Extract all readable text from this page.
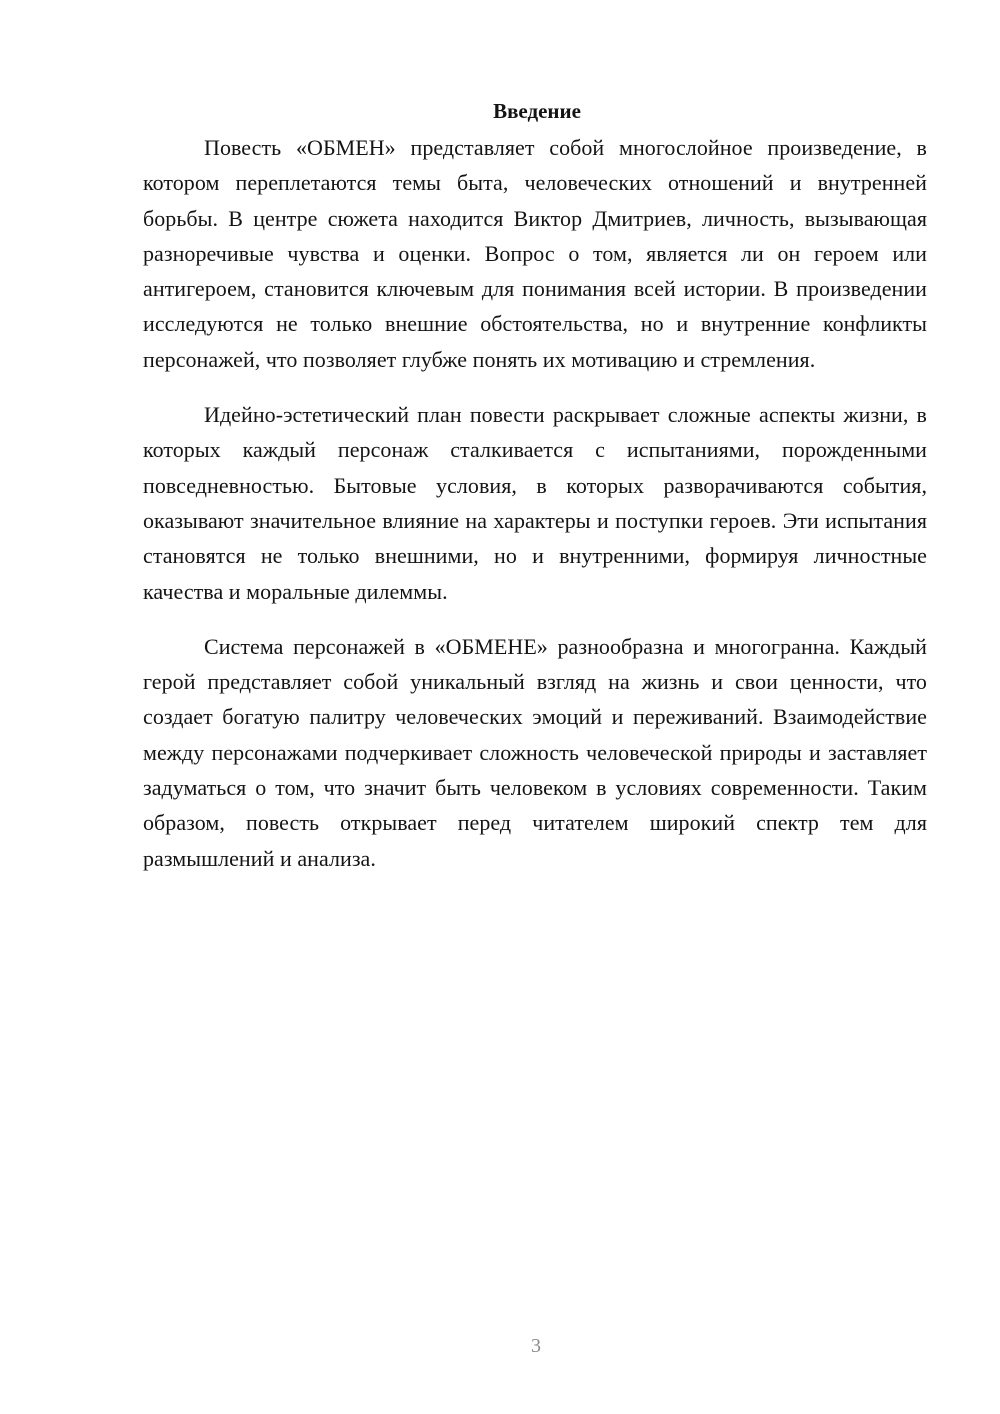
Введение

Повесть «ОБМЕН» представляет собой многослойное произведение, в котором переплетаются темы быта, человеческих отношений и внутренней борьбы. В центре сюжета находится Виктор Дмитриев, личность, вызывающая разноречивые чувства и оценки. Вопрос о том, является ли он героем или антигероем, становится ключевым для понимания всей истории. В произведении исследуются не только внешние обстоятельства, но и внутренние конфликты персонажей, что позволяет глубже понять их мотивацию и стремления.

Идейно-эстетический план повести раскрывает сложные аспекты жизни, в которых каждый персонаж сталкивается с испытаниями, порожденными повседневностью. Бытовые условия, в которых разворачиваются события, оказывают значительное влияние на характеры и поступки героев. Эти испытания становятся не только внешними, но и внутренними, формируя личностные качества и моральные дилеммы.

Система персонажей в «ОБМЕНЕ» разнообразна и многогранна. Каждый герой представляет собой уникальный взгляд на жизнь и свои ценности, что создает богатую палитру человеческих эмоций и переживаний. Взаимодействие между персонажами подчеркивает сложность человеческой природы и заставляет задуматься о том, что значит быть человеком в условиях современности. Таким образом, повесть открывает перед читателем широкий спектр тем для размышлений и анализа.

3
